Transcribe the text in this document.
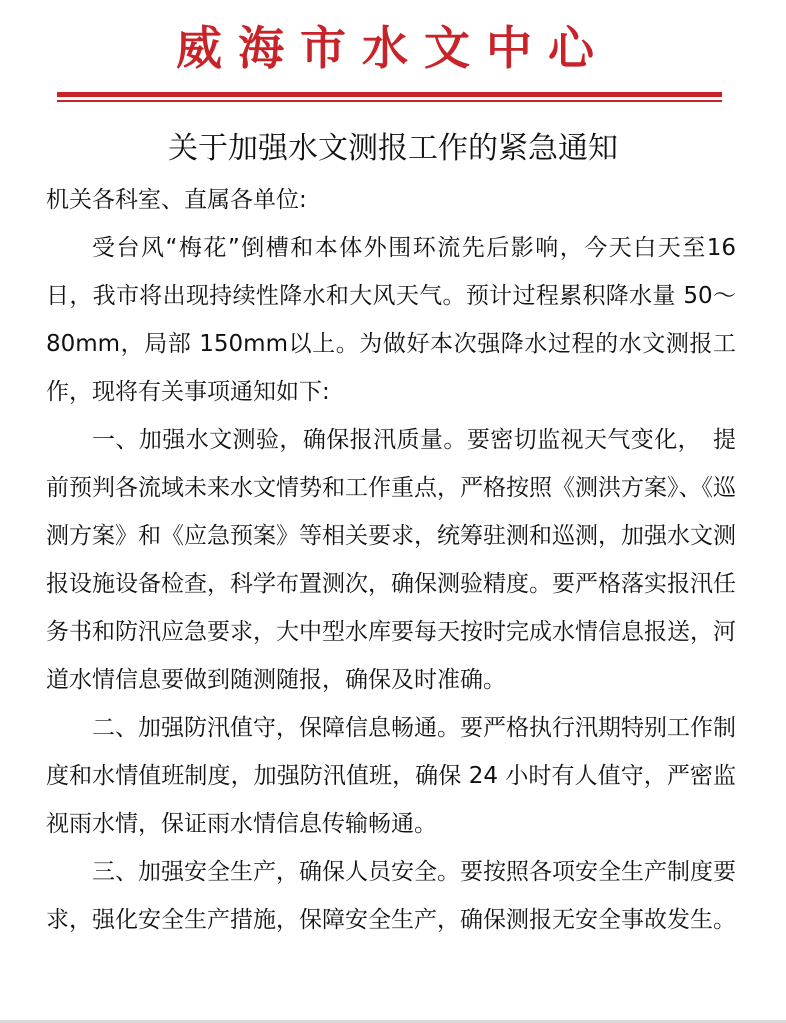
威海市水文中心
关于加强水文测报工作的紧急通知

机关各科室、直属各单位:

受台风“梅花”倒槽和本体外围环流先后影响，今天白天至16日，我市将出现持续性降水和大风天气。预计过程累积降水量 50～80mm，局部 150mm以上。为做好本次强降水过程的水文测报工作，现将有关事项通知如下:

一、加强水文测验，确保报汛质量。要密切监视天气变化，　提前预判各流域未来水文情势和工作重点，严格按照《测洪方案》、《巡测方案》和《应急预案》等相关要求，统筹驻测和巡测，加强水文测报设施设备检查，科学布置测次，确保测验精度。要严格落实报汛任务书和防汛应急要求，大中型水库要每天按时完成水情信息报送，河道水情信息要做到随测随报，确保及时准确。

二、加强防汛值守，保障信息畅通。要严格执行汛期特别工作制度和水情值班制度，加强防汛值班，确保 24 小时有人值守，严密监视雨水情，保证雨水情信息传输畅通。

三、加强安全生产，确保人员安全。要按照各项安全生产制度要求，强化安全生产措施，保障安全生产，确保测报无安全事故发生。
